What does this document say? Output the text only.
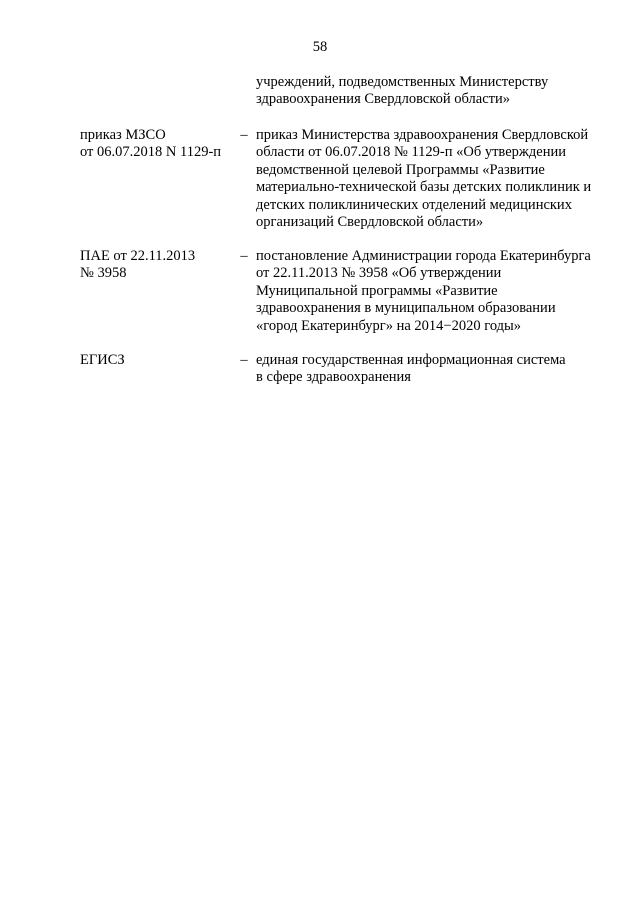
58
учреждений, подведомственных Министерству
здравоохранения Свердловской области»
приказ МЗСО
от 06.07.2018 N 1129-п
– приказ Министерства здравоохранения Свердловской
области от 06.07.2018 № 1129-п «Об утверждении
ведомственной целевой Программы «Развитие
материально-технической базы детских поликлиник и
детских поликлинических отделений медицинских
организаций Свердловской области»
ПАЕ от 22.11.2013
№ 3958
– постановление Администрации города Екатеринбурга
от 22.11.2013 № 3958 «Об утверждении
Муниципальной программы «Развитие
здравоохранения в муниципальном образовании
«город Екатеринбург» на 2014−2020 годы»
ЕГИСЗ	– единая государственная информационная система
в сфере здравоохранения
